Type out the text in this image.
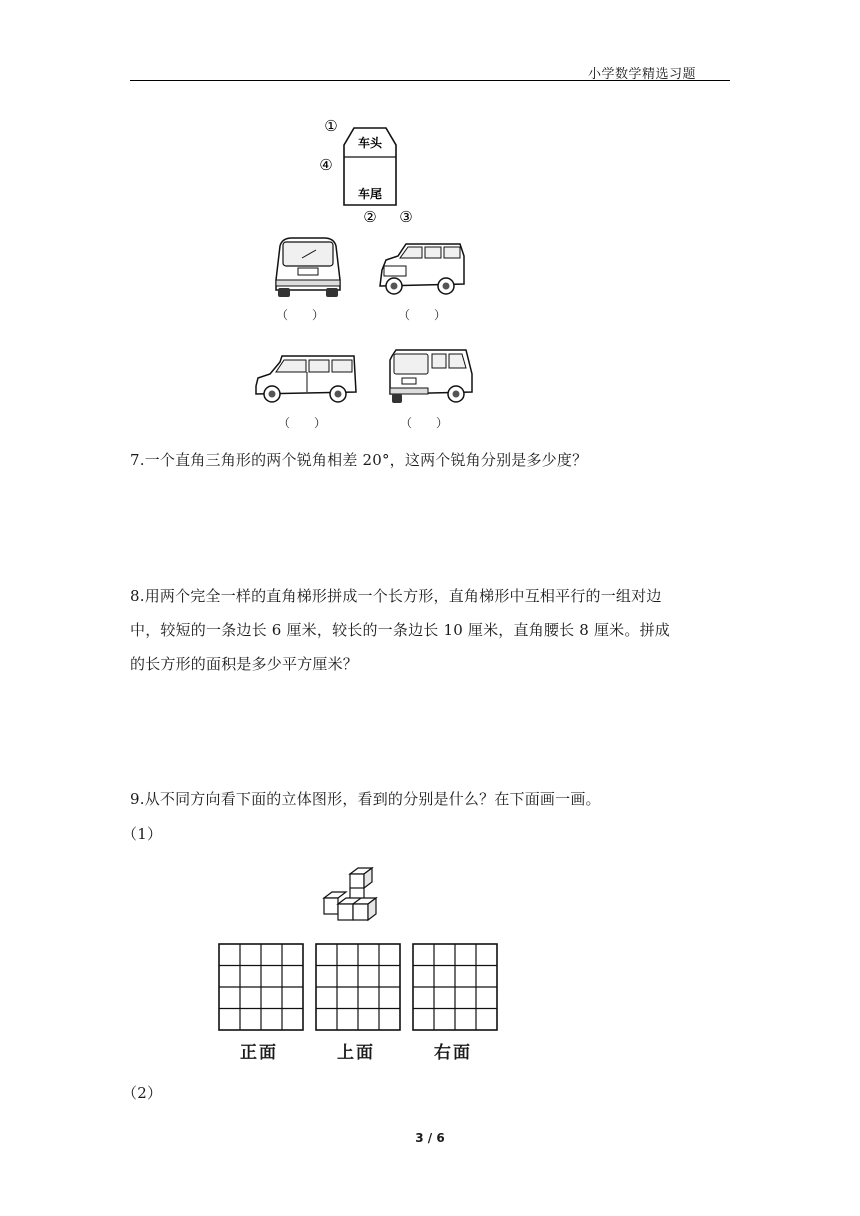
小学数学精选习题
①
④
车头
车尾
② ③
（　　）	（　　）
（　　）	（　　）
7.一个直角三角形的两个锐角相差 20°，这两个锐角分别是多少度？
8.用两个完全一样的直角梯形拼成一个长方形，直角梯形中互相平行的一组对边
中，较短的一条边长 6 厘米，较长的一条边长 10 厘米，直角腰长 8 厘米。拼成
的长方形的面积是多少平方厘米？
9.从不同方向看下面的立体图形，看到的分别是什么？在下面画一画。
（1）
正面	上面	右面
（2）
3 / 6
